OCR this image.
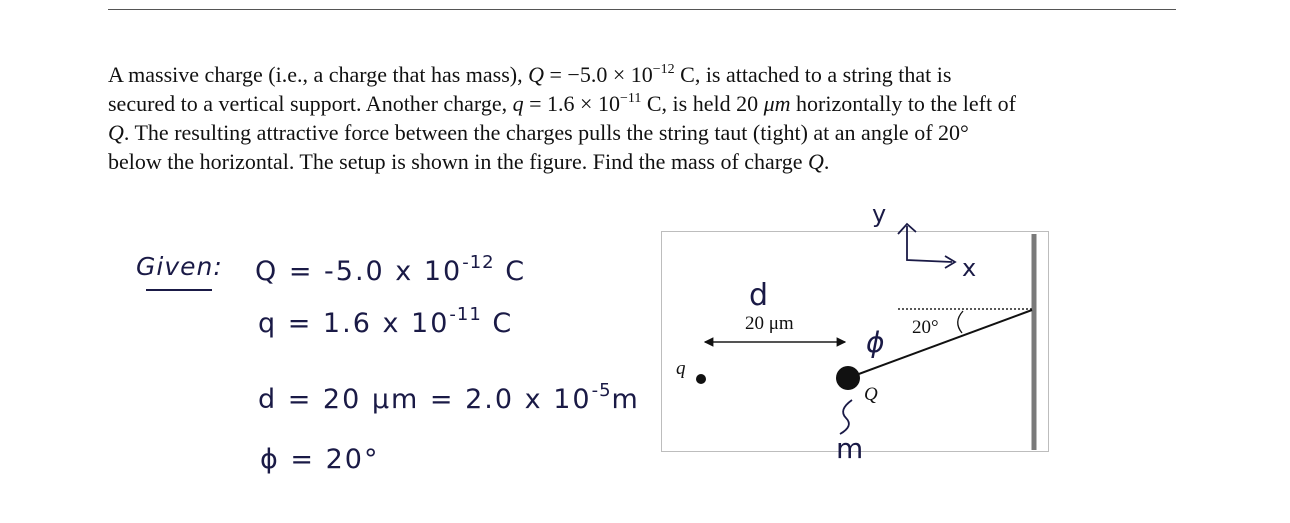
A massive charge (i.e., a charge that has mass), $Q = -5.0 \times 10^{-12}$ C, is attached to a string that is

secured to a vertical support. Another charge, $q = 1.6 \times 10^{-11}$ C, is held 20 μm horizontally to the left of

Q. The resulting attractive force between the charges pulls the string taut (tight) at an angle of 20°

below the horizontal. The setup is shown in the figure. Find the mass of charge Q.

Given: Q = -5.0 x $10^{-12}$ C
q = 1.6 x $10^{-11}$ C
d = 20 μm = 2.0 x $10^{-5}m$
ϕ = 20°
20 μm	20°
q
Q
d
ϕ
m
y
x
